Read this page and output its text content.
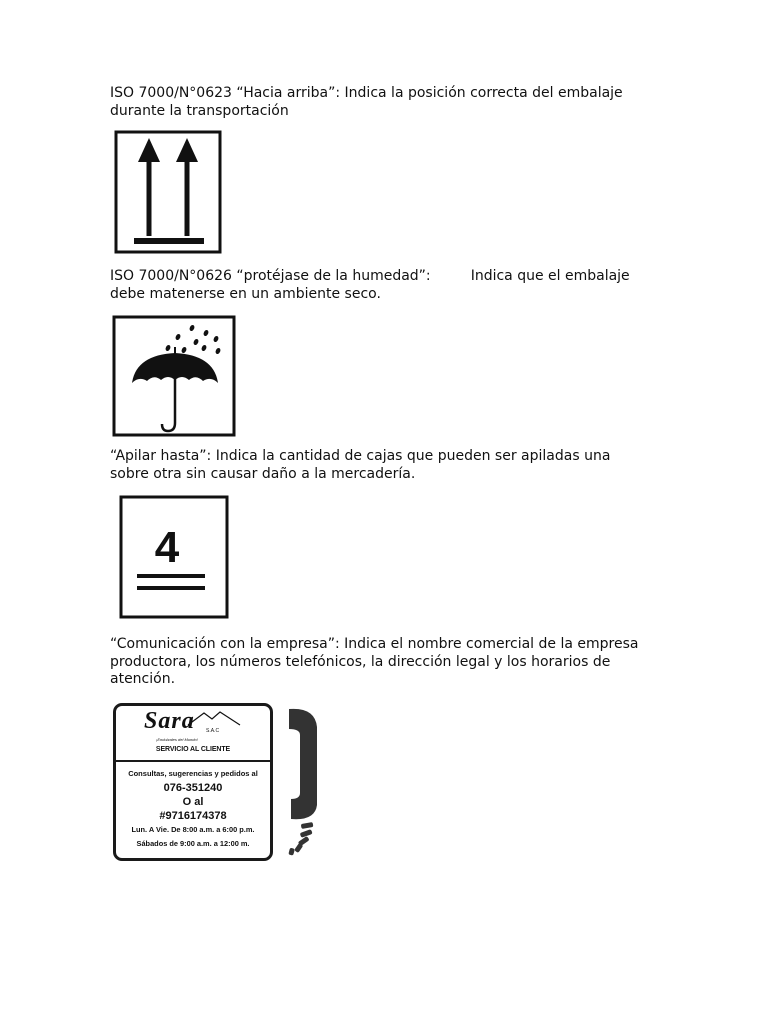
ISO 7000/N°0623 “Hacia arriba”: Indica la posición correcta del embalaje
durante la transportación

ISO 7000/N°0626 “protéjase de la humedad”:         Indica que el embalaje
debe matenerse en un ambiente seco.

“Apilar hasta”: Indica la cantidad de cajas que pueden ser apiladas una
sobre otra sin causar daño a la mercadería.

4

“Comunicación con la empresa”: Indica el nombre comercial de la empresa
productora, los números telefónicos, la dirección legal y los horarios de
atención.

Sara S.A.C
¡Endulzales del Mundo!
SERVICIO AL CLIENTE
Consultas, sugerencias y pedidos al
076-351240
O al
#9716174378
Lun. A Vie. De 8:00 a.m. a 6:00 p.m.
Sábados de 9:00 a.m. a 12:00 m.
